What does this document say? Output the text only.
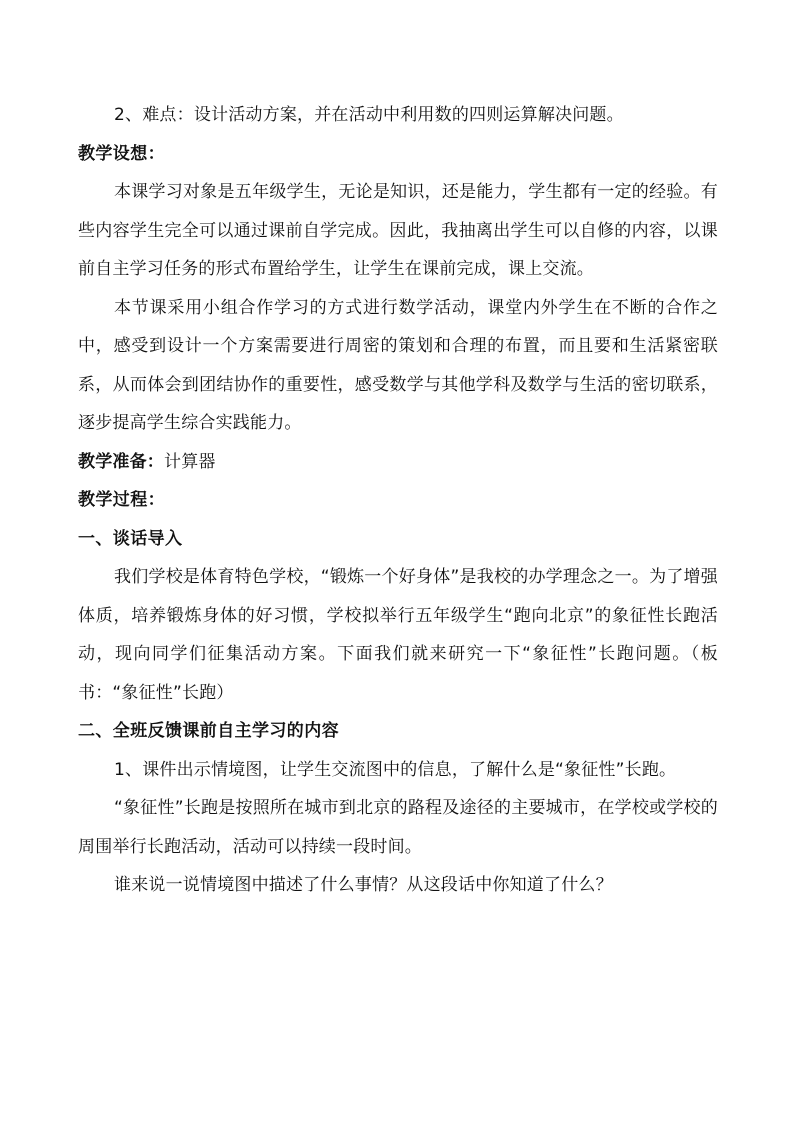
2、难点：设计活动方案，并在活动中利用数的四则运算解决问题。

教学设想：

本课学习对象是五年级学生，无论是知识，还是能力，学生都有一定的经验。有些内容学生完全可以通过课前自学完成。因此，我抽离出学生可以自修的内容，以课前自主学习任务的形式布置给学生，让学生在课前完成，课上交流。

本节课采用小组合作学习的方式进行数学活动，课堂内外学生在不断的合作之中，感受到设计一个方案需要进行周密的策划和合理的布置，而且要和生活紧密联系，从而体会到团结协作的重要性，感受数学与其他学科及数学与生活的密切联系，逐步提高学生综合实践能力。

教学准备：计算器

教学过程：

一、谈话导入

我们学校是体育特色学校，“锻炼一个好身体”是我校的办学理念之一。为了增强体质，培养锻炼身体的好习惯，学校拟举行五年级学生“跑向北京”的象征性长跑活动，现向同学们征集活动方案。下面我们就来研究一下“象征性”长跑问题。（板书：“象征性”长跑）

二、全班反馈课前自主学习的内容

1、课件出示情境图，让学生交流图中的信息，了解什么是“象征性”长跑。

“象征性”长跑是按照所在城市到北京的路程及途径的主要城市，在学校或学校的周围举行长跑活动，活动可以持续一段时间。

谁来说一说情境图中描述了什么事情？从这段话中你知道了什么？
